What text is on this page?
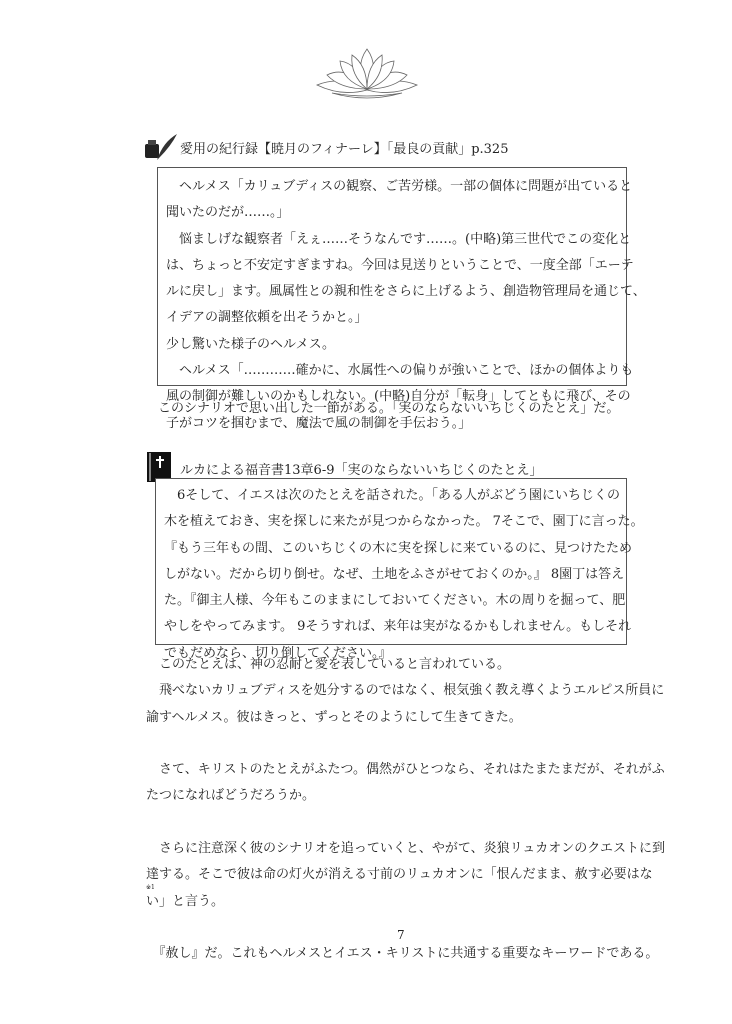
愛用の紀行録【暁月のフィナーレ】「最良の貢献」p.325
　ヘルメス「カリュブディスの観察、ご苦労様。一部の個体に問題が出ていると
聞いたのだが……。」
　悩ましげな観察者「えぇ……そうなんです……。(中略)第三世代でこの変化と
は、ちょっと不安定すぎますね。今回は見送りということで、一度全部「エーテ
ルに戻し」ます。風属性との親和性をさらに上げるよう、創造物管理局を通じて、
イデアの調整依頼を出そうかと。」
少し驚いた様子のヘルメス。
　ヘルメス「…………確かに、水属性への偏りが強いことで、ほかの個体よりも
風の制御が難しいのかもしれない。(中略)自分が「転身」してともに飛び、その
子がコツを掴むまで、魔法で風の制御を手伝おう。」
このシナリオで思い出した一節がある。「実のならないいちじくのたとえ」だ。
ルカによる福音書13章6-9「実のならないいちじくのたとえ」
　6そして、イエスは次のたとえを話された。「ある人がぶどう園にいちじくの
木を植えておき、実を探しに来たが見つからなかった。 7そこで、園丁に言った。
『もう三年もの間、このいちじくの木に実を探しに来ているのに、見つけたため
しがない。だから切り倒せ。なぜ、土地をふさがせておくのか。』 8園丁は答え
た。『御主人様、今年もこのままにしておいてください。木の周りを掘って、肥
やしをやってみます。 9そうすれば、来年は実がなるかもしれません。もしそれ
でもだめなら、切り倒してください。』
　このたとえは、神の忍耐と愛を表していると言われている。
　飛べないカリュブディスを処分するのではなく、根気強く教え導くようエルピス所員に
諭すヘルメス。彼はきっと、ずっとそのようにして生きてきた。
　さて、キリストのたとえがふたつ。偶然がひとつなら、それはたまたまだが、それがふ
たつになればどうだろうか。
　さらに注意深く彼のシナリオを追っていくと、やがて、炎狼リュカオンのクエストに到
達する。そこで彼は命の灯火が消える寸前のリュカオンに「恨んだまま、赦す必要はな
※1
い」と言う。
　『赦し』だ。これもヘルメスとイエス・キリストに共通する重要なキーワードである。
7
